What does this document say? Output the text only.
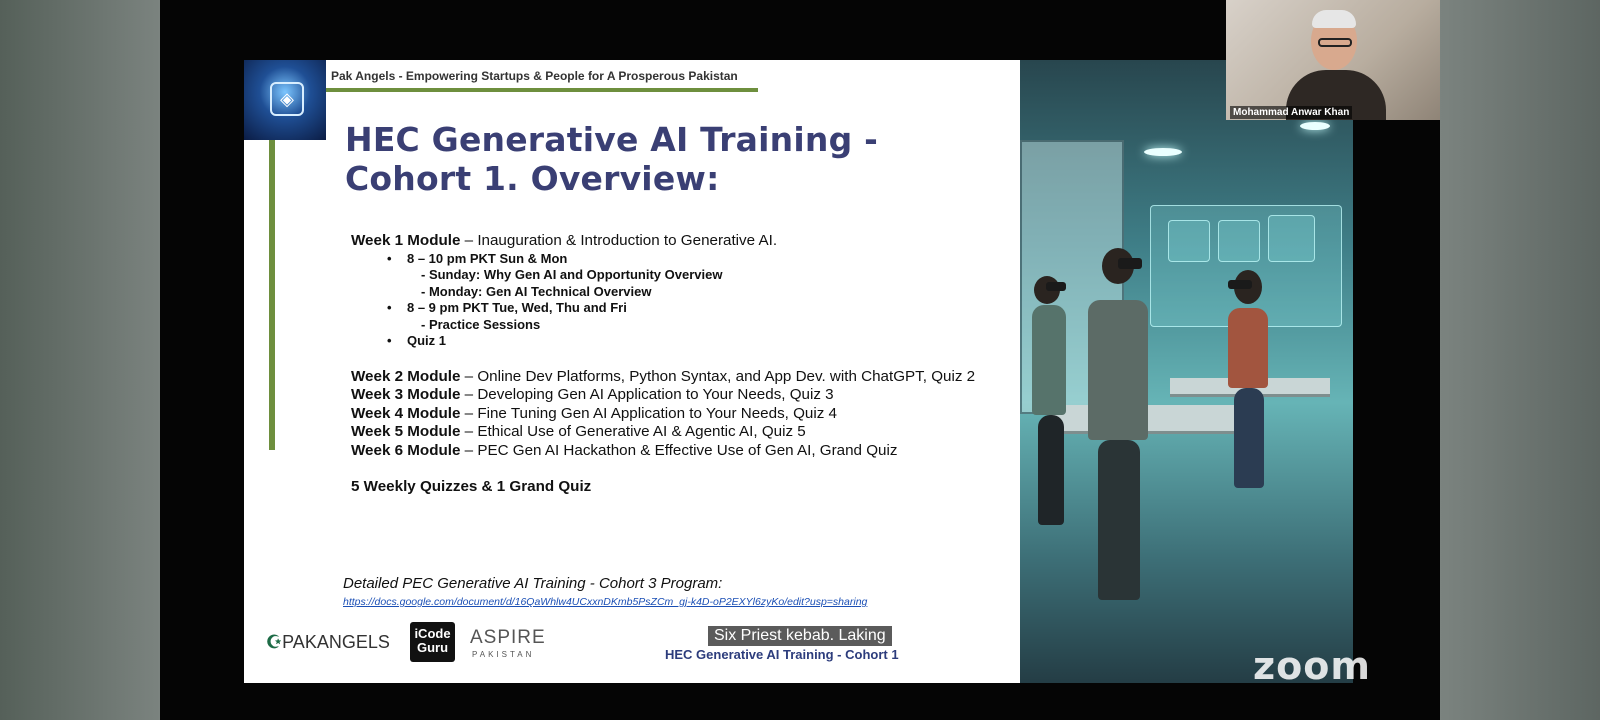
◈
Pak Angels - Empowering Startups & People for A Prosperous Pakistan
HEC Generative AI Training -
Cohort 1. Overview:
Week 1 Module – Inauguration & Introduction to Generative AI.
• 8 – 10 pm PKT Sun & Mon
- Sunday: Why Gen AI and Opportunity Overview
- Monday: Gen AI Technical Overview
• 8 – 9 pm PKT Tue, Wed, Thu and Fri
- Practice Sessions
• Quiz 1
Week 2 Module – Online Dev Platforms, Python Syntax, and App Dev. with ChatGPT, Quiz 2
Week 3 Module – Developing Gen AI Application to Your Needs, Quiz 3
Week 4 Module – Fine Tuning Gen AI Application to Your Needs, Quiz 4
Week 5 Module – Ethical Use of Generative AI & Agentic AI, Quiz 5
Week 6 Module – PEC Gen AI Hackathon & Effective Use of Gen AI, Grand Quiz
5 Weekly Quizzes & 1 Grand Quiz
Detailed PEC Generative AI Training - Cohort 3 Program:
https://docs.google.com/document/d/16QaWhlw4UCxxnDKmb5PsZCm_gj-k4D-oP2EXYl6zyKo/edit?usp=sharing
☪PAKANGELS	iCode
Guru	ASPIRE
PAKISTAN
Six Priest kebab. Laking
HEC Generative AI Training - Cohort 1
Mohammad Anwar Khan
zoom
